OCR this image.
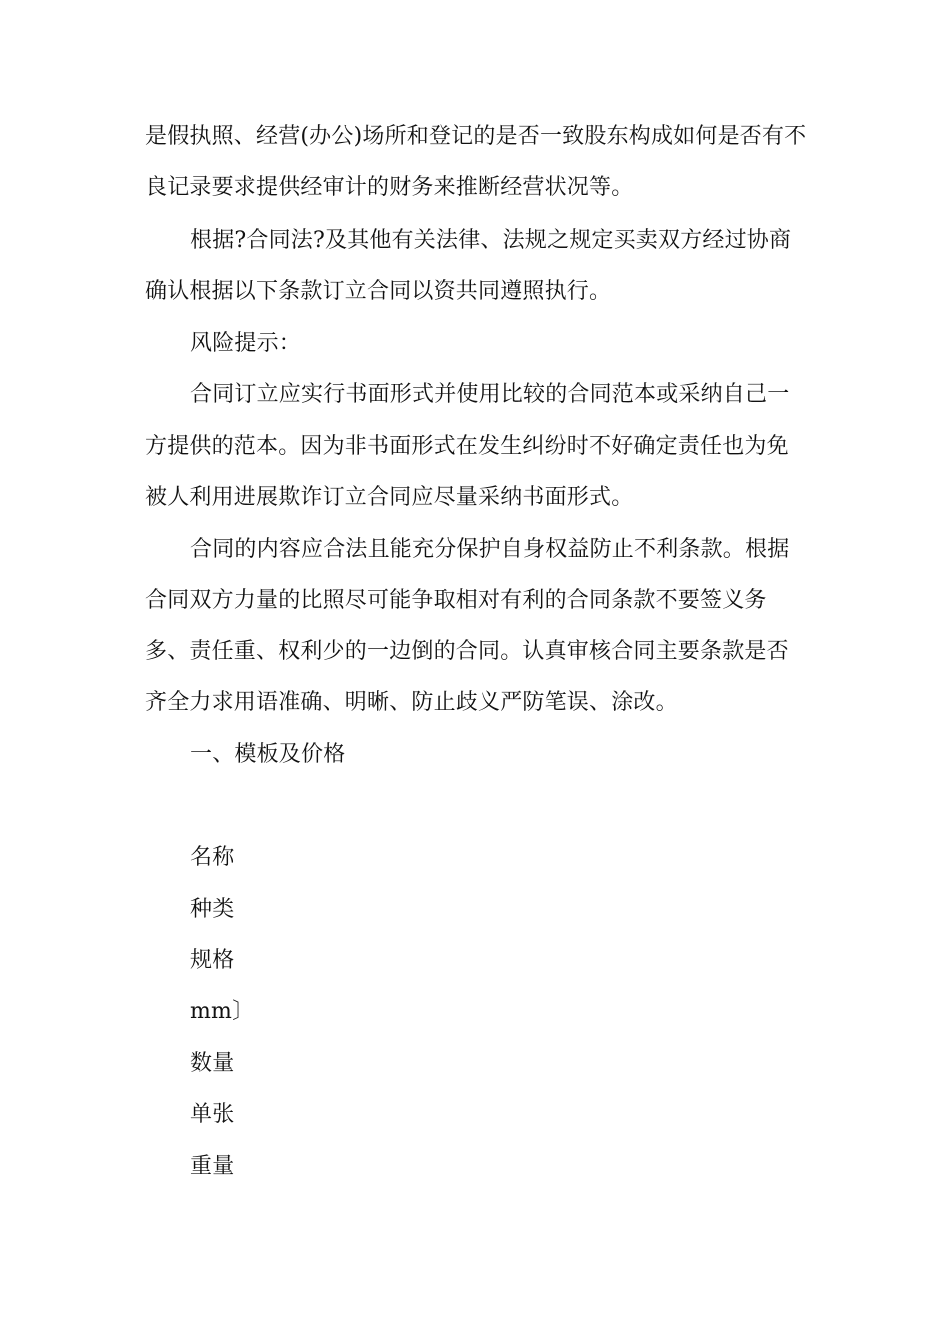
是假执照、经营(办公)场所和登记的是否一致股东构成如何是否有不
良记录要求提供经审计的财务来推断经营状况等。
根据?合同法?及其他有关法律、法规之规定买卖双方经过协商
确认根据以下条款订立合同以资共同遵照执行。
风险提示：
合同订立应实行书面形式并使用比较的合同范本或采纳自己一
方提供的范本。因为非书面形式在发生纠纷时不好确定责任也为免
被人利用进展欺诈订立合同应尽量采纳书面形式。
合同的内容应合法且能充分保护自身权益防止不利条款。根据
合同双方力量的比照尽可能争取相对有利的合同条款不要签义务
多、责任重、权利少的一边倒的合同。认真审核合同主要条款是否
齐全力求用语准确、明晰、防止歧义严防笔误、涂改。
一、模板及价格
名称
种类
规格
mm〕
数量
单张
重量
